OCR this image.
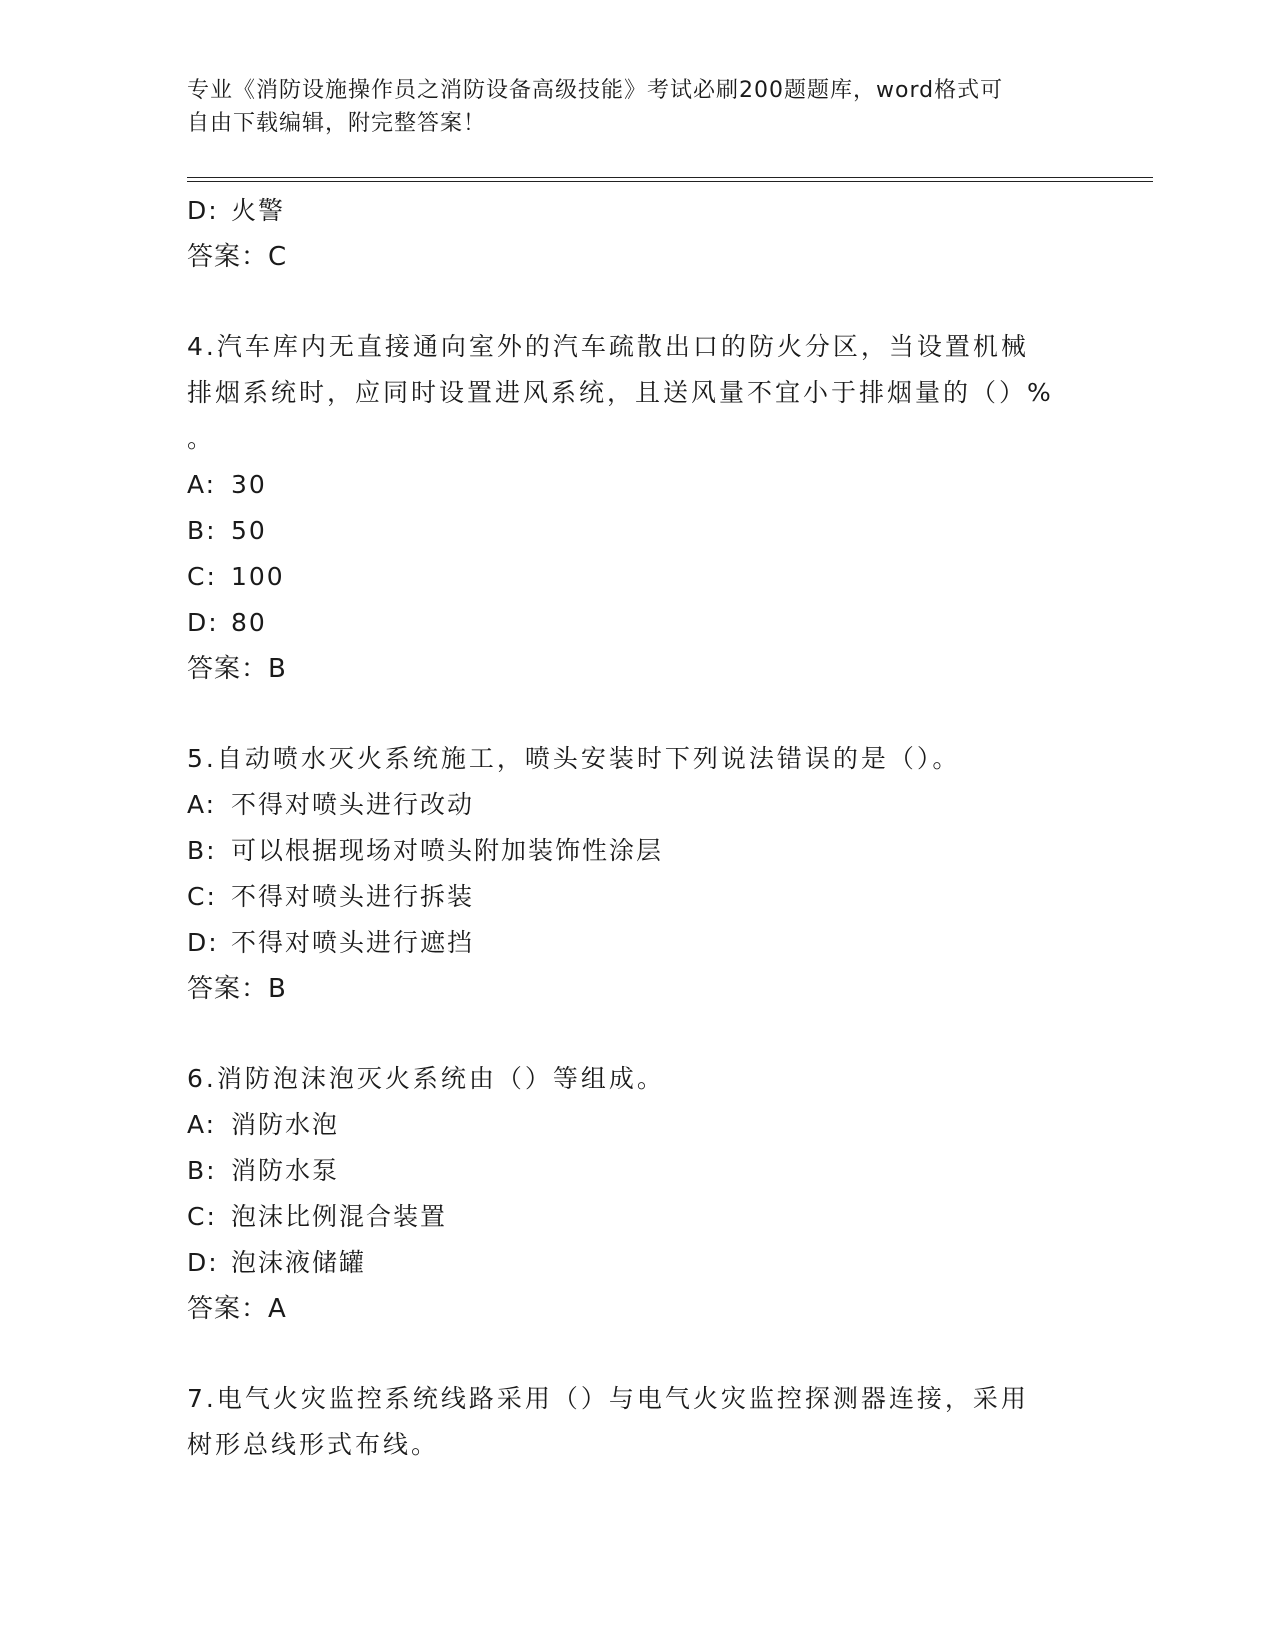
专业《消防设施操作员之消防设备高级技能》考试必刷200题题库，word格式可
自由下载编辑，附完整答案！
D: 火警
答案：C
4.汽车库内无直接通向室外的汽车疏散出口的防火分区，当设置机械
排烟系统时，应同时设置进风系统，且送风量不宜小于排烟量的（）%
。
A: 30
B: 50
C: 100
D: 80
答案：B
5.自动喷水灭火系统施工，喷头安装时下列说法错误的是（）。
A: 不得对喷头进行改动
B: 可以根据现场对喷头附加装饰性涂层
C: 不得对喷头进行拆装
D: 不得对喷头进行遮挡
答案：B
6.消防泡沫泡灭火系统由（）等组成。
A: 消防水泡
B: 消防水泵
C: 泡沫比例混合装置
D: 泡沫液储罐
答案：A
7.电气火灾监控系统线路采用（）与电气火灾监控探测器连接，采用
树形总线形式布线。
